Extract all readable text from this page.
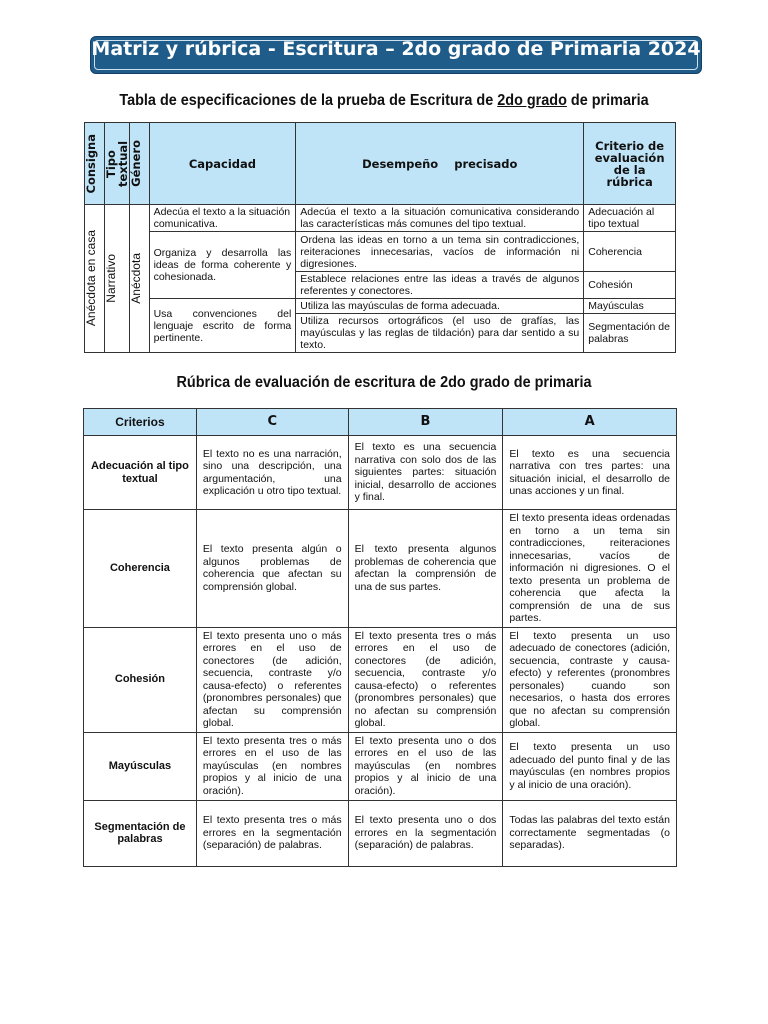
Matriz y rúbrica - Escritura – 2do grado de Primaria 2024
Tabla de especificaciones de la prueba de Escritura de 2do grado de primaria
Consigna	Tipo textual	Género	Capacidad	Desempeño    precisado	Criterio de evaluación de la rúbrica

Anécdota en casa	Narrativo	Anécdota	Adecúa el texto a la situación comunicativa.	Adecúa el texto a la situación comunicativa considerando las características más comunes del tipo textual.	Adecuación al tipo textual
			Organiza y desarrolla las ideas de forma coherente y cohesionada.	Ordena las ideas en torno a un tema sin contradicciones, reiteraciones innecesarias, vacíos de información ni digresiones.	Coherencia
				Establece relaciones entre las ideas a través de algunos referentes y conectores.	Cohesión
			Usa convenciones del lenguaje escrito de forma pertinente.	Utiliza las mayúsculas de forma adecuada.	Mayúsculas
				Utiliza recursos ortográficos (el uso de grafías, las mayúsculas y las reglas de tildación) para dar sentido a su texto.	Segmentación de palabras
Rúbrica de evaluación de escritura de 2do grado de primaria
Criterios	C	B	A
Adecuación al tipo textual	El texto no es una narración, sino una descripción, una argumentación, una explicación u otro tipo textual.	El texto es una secuencia narrativa con solo dos de las siguientes partes: situación inicial, desarrollo de acciones y final.	El texto es una secuencia narrativa con tres partes: una situación inicial, el desarrollo de unas acciones y un final.
Coherencia	El texto presenta algún o algunos problemas de coherencia que afectan su comprensión global.	El texto presenta algunos problemas de coherencia que afectan la comprensión de una de sus partes.	El texto presenta ideas ordenadas en torno a un tema sin contradicciones, reiteraciones innecesarias, vacíos de información ni digresiones. O el texto presenta un problema de coherencia que afecta la comprensión de una de sus partes.
Cohesión	El texto presenta uno o más errores en el uso de conectores (de adición, secuencia, contraste y/o causa-efecto) o referentes (pronombres personales) que afectan su comprensión global.	El texto presenta tres o más errores en el uso de conectores (de adición, secuencia, contraste y/o causa-efecto) o referentes (pronombres personales) que no afectan su comprensión global.	El texto presenta un uso adecuado de conectores (adición, secuencia, contraste y causa-efecto) y referentes (pronombres personales) cuando son necesarios, o hasta dos errores que no afectan su comprensión global.
Mayúsculas	El texto presenta tres o más errores en el uso de las mayúsculas (en nombres propios y al inicio de una oración).	El texto presenta uno o dos errores en el uso de las mayúsculas (en nombres propios y al inicio de una oración).	El texto presenta un uso adecuado del punto final y de las mayúsculas (en nombres propios y al inicio de una oración).
Segmentación de palabras	El texto presenta tres o más errores en la segmentación (separación) de palabras.	El texto presenta uno o dos errores en la segmentación (separación) de palabras.	Todas las palabras del texto están correctamente segmentadas (o separadas).
